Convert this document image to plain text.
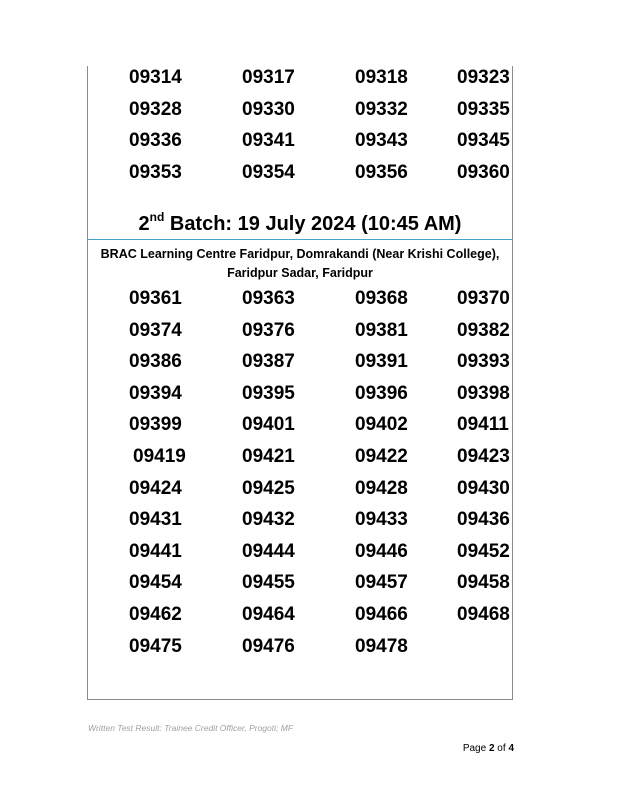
09314	09317	09318	09323
09328	09330	09332	09335
09336	09341	09343	09345
09353	09354	09356	09360
2nd Batch: 19 July 2024 (10:45 AM)
BRAC Learning Centre Faridpur, Domrakandi (Near Krishi College),
Faridpur Sadar, Faridpur
09361	09363	09368	09370
09374	09376	09381	09382
09386	09387	09391	09393
09394	09395	09396	09398
09399	09401	09402	09411
09419	09421	09422	09423
09424	09425	09428	09430
09431	09432	09433	09436
09441	09444	09446	09452
09454	09455	09457	09458
09462	09464	09466	09468
09475	09476	09478
Written Test Result: Trainee Credit Officer, Progoti; MF
Page 2 of 4
